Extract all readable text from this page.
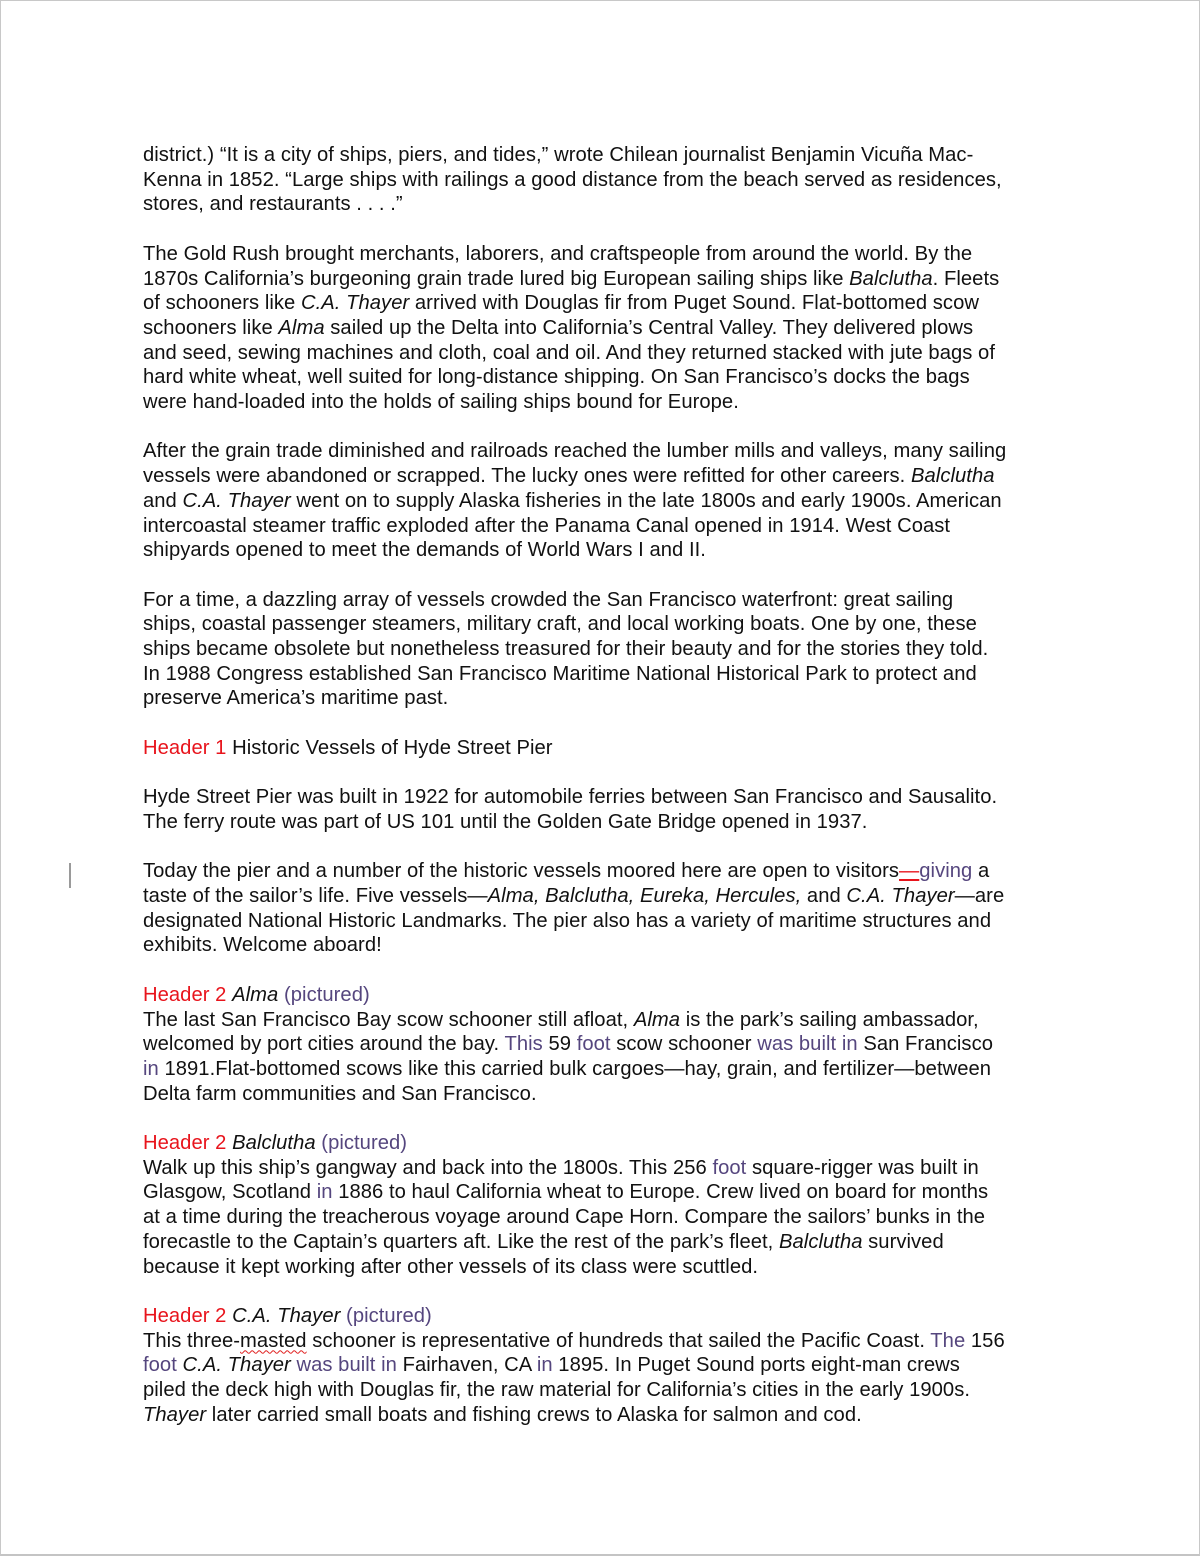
district.) “It is a city of ships, piers, and tides,” wrote Chilean journalist Benjamin Vicuña Mac-
Kenna in 1852. “Large ships with railings a good distance from the beach served as residences,
stores, and restaurants . . . .”
The Gold Rush brought merchants, laborers, and craftspeople from around the world. By the
1870s California’s burgeoning grain trade lured big European sailing ships like Balclutha. Fleets
of schooners like C.A. Thayer arrived with Douglas fir from Puget Sound. Flat-bottomed scow
schooners like Alma sailed up the Delta into California’s Central Valley. They delivered plows
and seed, sewing machines and cloth, coal and oil. And they returned stacked with jute bags of
hard white wheat, well suited for long-distance shipping. On San Francisco’s docks the bags
were hand-loaded into the holds of sailing ships bound for Europe.
After the grain trade diminished and railroads reached the lumber mills and valleys, many sailing
vessels were abandoned or scrapped. The lucky ones were refitted for other careers. Balclutha
and C.A. Thayer went on to supply Alaska fisheries in the late 1800s and early 1900s. American
intercoastal steamer traffic exploded after the Panama Canal opened in 1914. West Coast
shipyards opened to meet the demands of World Wars I and II.
For a time, a dazzling array of vessels crowded the San Francisco waterfront: great sailing
ships, coastal passenger steamers, military craft, and local working boats. One by one, these
ships became obsolete but nonetheless treasured for their beauty and for the stories they told.
In 1988 Congress established San Francisco Maritime National Historical Park to protect and
preserve America’s maritime past.
Header 1 Historic Vessels of Hyde Street Pier
Hyde Street Pier was built in 1922 for automobile ferries between San Francisco and Sausalito.
The ferry route was part of US 101 until the Golden Gate Bridge opened in 1937.
Today the pier and a number of the historic vessels moored here are open to visitors—giving a
taste of the sailor’s life. Five vessels—Alma, Balclutha, Eureka, Hercules, and C.A. Thayer—are
designated National Historic Landmarks. The pier also has a variety of maritime structures and
exhibits. Welcome aboard!
Header 2 Alma (pictured)
The last San Francisco Bay scow schooner still afloat, Alma is the park’s sailing ambassador,
welcomed by port cities around the bay. This 59 foot scow schooner was built in San Francisco
in 1891.Flat-bottomed scows like this carried bulk cargoes—hay, grain, and fertilizer—between
Delta farm communities and San Francisco.
Header 2 Balclutha (pictured)
Walk up this ship’s gangway and back into the 1800s. This 256 foot square-rigger was built in
Glasgow, Scotland in 1886 to haul California wheat to Europe. Crew lived on board for months
at a time during the treacherous voyage around Cape Horn. Compare the sailors’ bunks in the
forecastle to the Captain’s quarters aft. Like the rest of the park’s fleet, Balclutha survived
because it kept working after other vessels of its class were scuttled.
Header 2 C.A. Thayer (pictured)
This three-masted schooner is representative of hundreds that sailed the Pacific Coast. The 156
foot C.A. Thayer was built in Fairhaven, CA in 1895. In Puget Sound ports eight-man crews
piled the deck high with Douglas fir, the raw material for California’s cities in the early 1900s.
Thayer later carried small boats and fishing crews to Alaska for salmon and cod.
